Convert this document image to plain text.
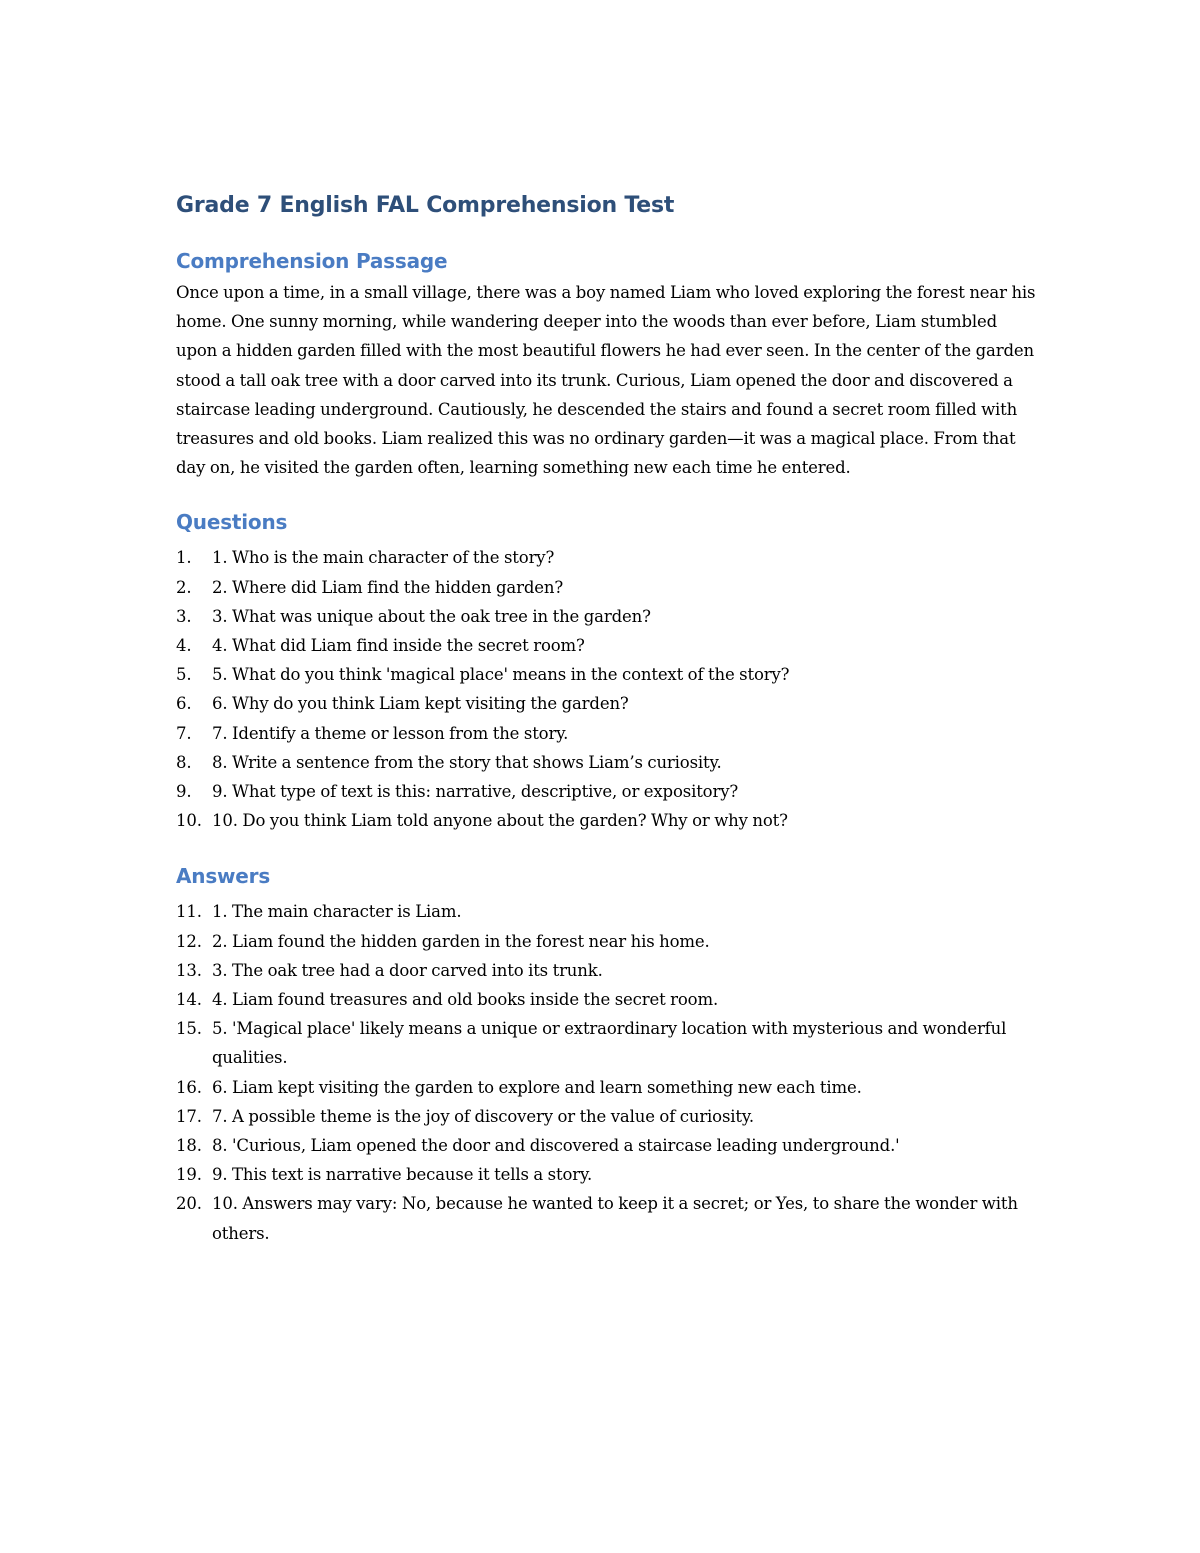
Grade 7 English FAL Comprehension Test
Comprehension Passage

Once upon a time, in a small village, there was a boy named Liam who loved exploring the forest near his home. One sunny morning, while wandering deeper into the woods than ever before, Liam stumbled upon a hidden garden filled with the most beautiful flowers he had ever seen. In the center of the garden stood a tall oak tree with a door carved into its trunk. Curious, Liam opened the door and discovered a staircase leading underground. Cautiously, he descended the stairs and found a secret room filled with treasures and old books. Liam realized this was no ordinary garden—it was a magical place. From that day on, he visited the garden often, learning something new each time he entered.

Questions
1.	1. Who is the main character of the story?
2.	2. Where did Liam find the hidden garden?
3.	3. What was unique about the oak tree in the garden?
4.	4. What did Liam find inside the secret room?
5.	5. What do you think 'magical place' means in the context of the story?
6.	6. Why do you think Liam kept visiting the garden?
7.	7. Identify a theme or lesson from the story.
8.	8. Write a sentence from the story that shows Liam’s curiosity.
9.	9. What type of text is this: narrative, descriptive, or expository?
10. 10. Do you think Liam told anyone about the garden? Why or why not?
Answers
11. 1. The main character is Liam.
12. 2. Liam found the hidden garden in the forest near his home.
13. 3. The oak tree had a door carved into its trunk.
14. 4. Liam found treasures and old books inside the secret room.
15. 5. 'Magical place' likely means a unique or extraordinary location with mysterious and wonderful qualities.
16. 6. Liam kept visiting the garden to explore and learn something new each time.
17. 7. A possible theme is the joy of discovery or the value of curiosity.
18. 8. 'Curious, Liam opened the door and discovered a staircase leading underground.'
19. 9. This text is narrative because it tells a story.
20. 10. Answers may vary: No, because he wanted to keep it a secret; or Yes, to share the wonder with others.
